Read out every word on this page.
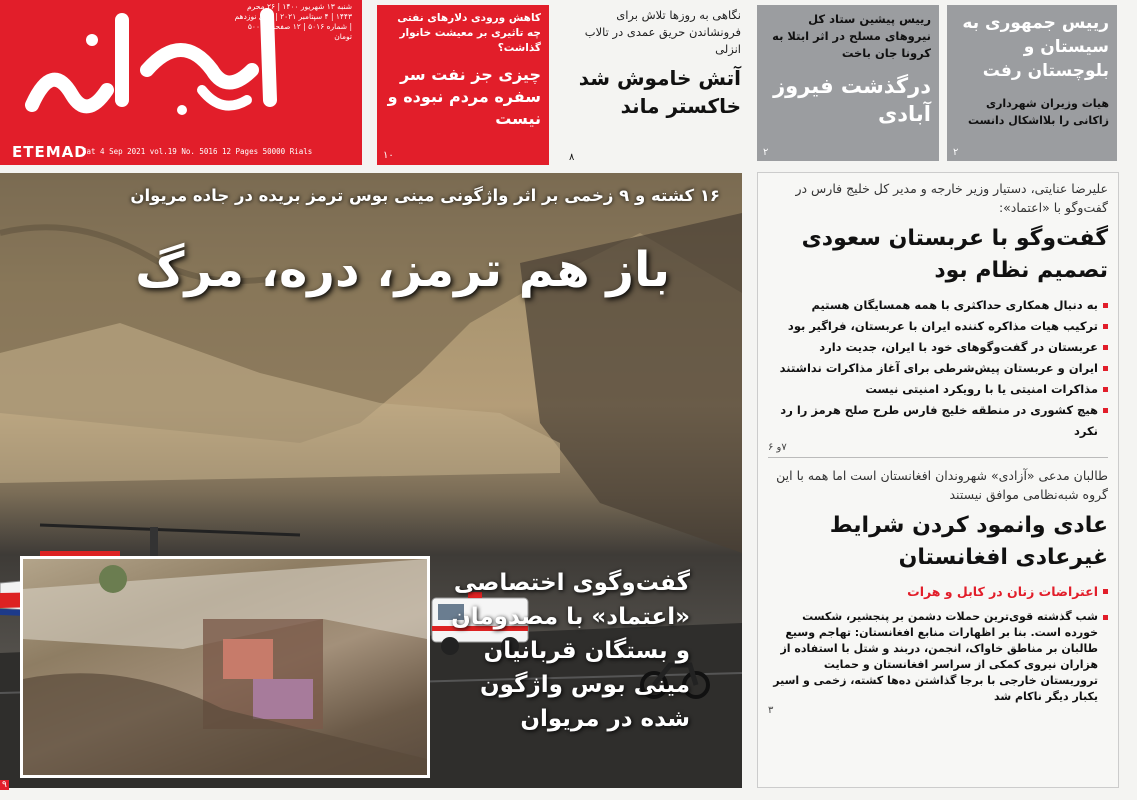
شنبه ۱۳ شهریور ۱۴۰۰ | ۲۶ محرم ۱۴۴۳ | ۴ سپتامبر ۲۰۲۱ | سال نوزدهم | شماره ۵۰۱۶ | ۱۲ صفحه | ۵۰۰۰ تومان
ETEMAD
Sat 4 Sep 2021 vol.19 No. 5016 12 Pages 50000 Rials
کاهش ورودی دلارهای نفتی چه تاثیری بر معیشت خانوار گذاشت؟
چیزی جز نفت سر سفره مردم نبوده و نیست
۱۰
نگاهی به روزها تلاش برای فرونشاندن حریق عمدی در تالاب انزلی
آتش خاموش شد خاکستر ماند
۸
رییس پیشین ستاد کل نیروهای مسلح در اثر ابتلا به کرونا جان باخت
درگذشت فیروز آبادی
۲
رییس جمهوری به سیستان و بلوچستان رفت
هیات وزیران شهرداری زاکانی را بلااشکال دانست
۲
۱۶ کشته و ۹ زخمی بر اثر واژگونی مینی بوس ترمز بریده در جاده مریوان
باز هم ترمز، دره، مرگ
گفت‌وگوی اختصاصی «اعتماد» با مصدومان و بستگان قربانیان مینی بوس واژگون شده در مریوان
۹
علیرضا عنایتی، دستیار وزیر خارجه و مدیر کل خلیج فارس در گفت‌وگو با «اعتماد»:
گفت‌وگو با عربستان سعودی تصمیم نظام بود
به دنبال همکاری حداکثری با همه همسایگان هستیم
ترکیب هیات مذاکره کننده ایران با عربستان، فراگیر بود
عربستان در گفت‌وگوهای خود با ایران، جدیت دارد
ایران و عربستان پیش‌شرطی برای آغاز مذاکرات نداشتند
مذاکرات امنیتی یا با رویکرد امنیتی نیست
هیچ کشوری در منطقه خلیج فارس طرح صلح هرمز را رد نکرد
۷و ۶
طالبان مدعی «آزادی» شهروندان افغانستان است اما همه با این گروه شبه‌نظامی موافق نیستند
عادی وانمود کردن شرایط غیرعادی افغانستان
اعتراضات زنان در کابل و هرات
شب گذشته قوی‌ترین حملات دشمن بر پنجشیر، شکست خورده است. بنا بر اظهارات منابع افغانستان: تهاجم وسیع طالبان بر مناطق خاواک، انجمن، دربند و شتل با استفاده از هزاران نیروی کمکی از سراسر افغانستان و حمایت تروریستان خارجی با برجا گذاشتن ده‌ها کشته، زخمی و اسیر یکبار دیگر ناکام شد
۳
